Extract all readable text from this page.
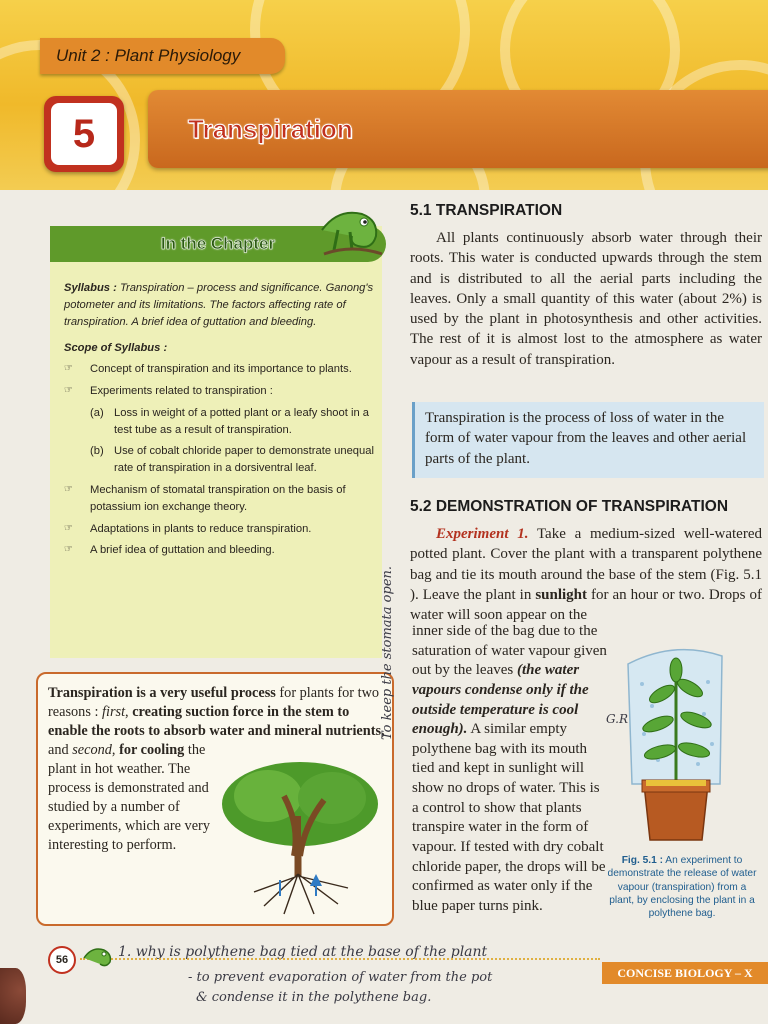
Unit 2 : Plant Physiology
5	Transpiration
In the Chapter

Syllabus : Transpiration – process and significance. Ganong's potometer and its limitations. The factors affecting rate of transpiration. A brief idea of guttation and bleeding.

Scope of Syllabus :

☞ Concept of transpiration and its importance to plants.
☞ Experiments related to transpiration :
(a) Loss in weight of a potted plant or a leafy shoot in a test tube as a result of transpiration.
(b) Use of cobalt chloride paper to demonstrate unequal rate of transpiration in a dorsiventral leaf.
☞ Mechanism of stomatal transpiration on the basis of potassium ion exchange theory.
☞ Adaptations in plants to reduce transpiration.
☞ A brief idea of guttation and bleeding.

Transpiration is a very useful process for plants for two reasons : first, creating suction force in the stem to enable the roots to absorb water and mineral nutrients,

and second, for cooling the plant in hot weather. The process is demonstrated and studied by a number of experiments, which are very interesting to perform.

5.1 TRANSPIRATION

All plants continuously absorb water through their roots. This water is conducted upwards through the stem and is distributed to all the aerial parts including the leaves. Only a small quantity of this water (about 2%) is used by the plant in photosynthesis and other activities. The rest of it is almost lost to the atmosphere as water vapour as a result of transpiration.

Transpiration is the process of loss of water in the form of water vapour from the leaves and other aerial parts of the plant.
5.2 DEMONSTRATION OF TRANSPIRATION

Experiment 1. Take a medium-sized well-watered potted plant. Cover the plant with a transparent polythene bag and tie its mouth around the base of the stem (Fig. 5.1 ). Leave the plant in sunlight for an hour or two. Drops of water will soon appear on the

inner side of the bag due to the saturation of water vapour given out by the leaves (the water vapours condense only if the outside temperature is cool enough). A similar empty polythene bag with its mouth tied and kept in sunlight will show no drops of water. This is a control to show that plants transpire water in the form of vapour. If tested with dry cobalt chloride paper, the drops will be confirmed as water only if the blue paper turns pink.

Fig. 5.1 : An experiment to demonstrate the release of water vapour (transpiration) from a plant, by enclosing the plant in a polythene bag.

To keep the stomata open.	G.R
1. why is polythene bag tied at the base of the plant
- to prevent evaporation of water from the pot
& condense it in the polythene bag.
56
CONCISE BIOLOGY – X
